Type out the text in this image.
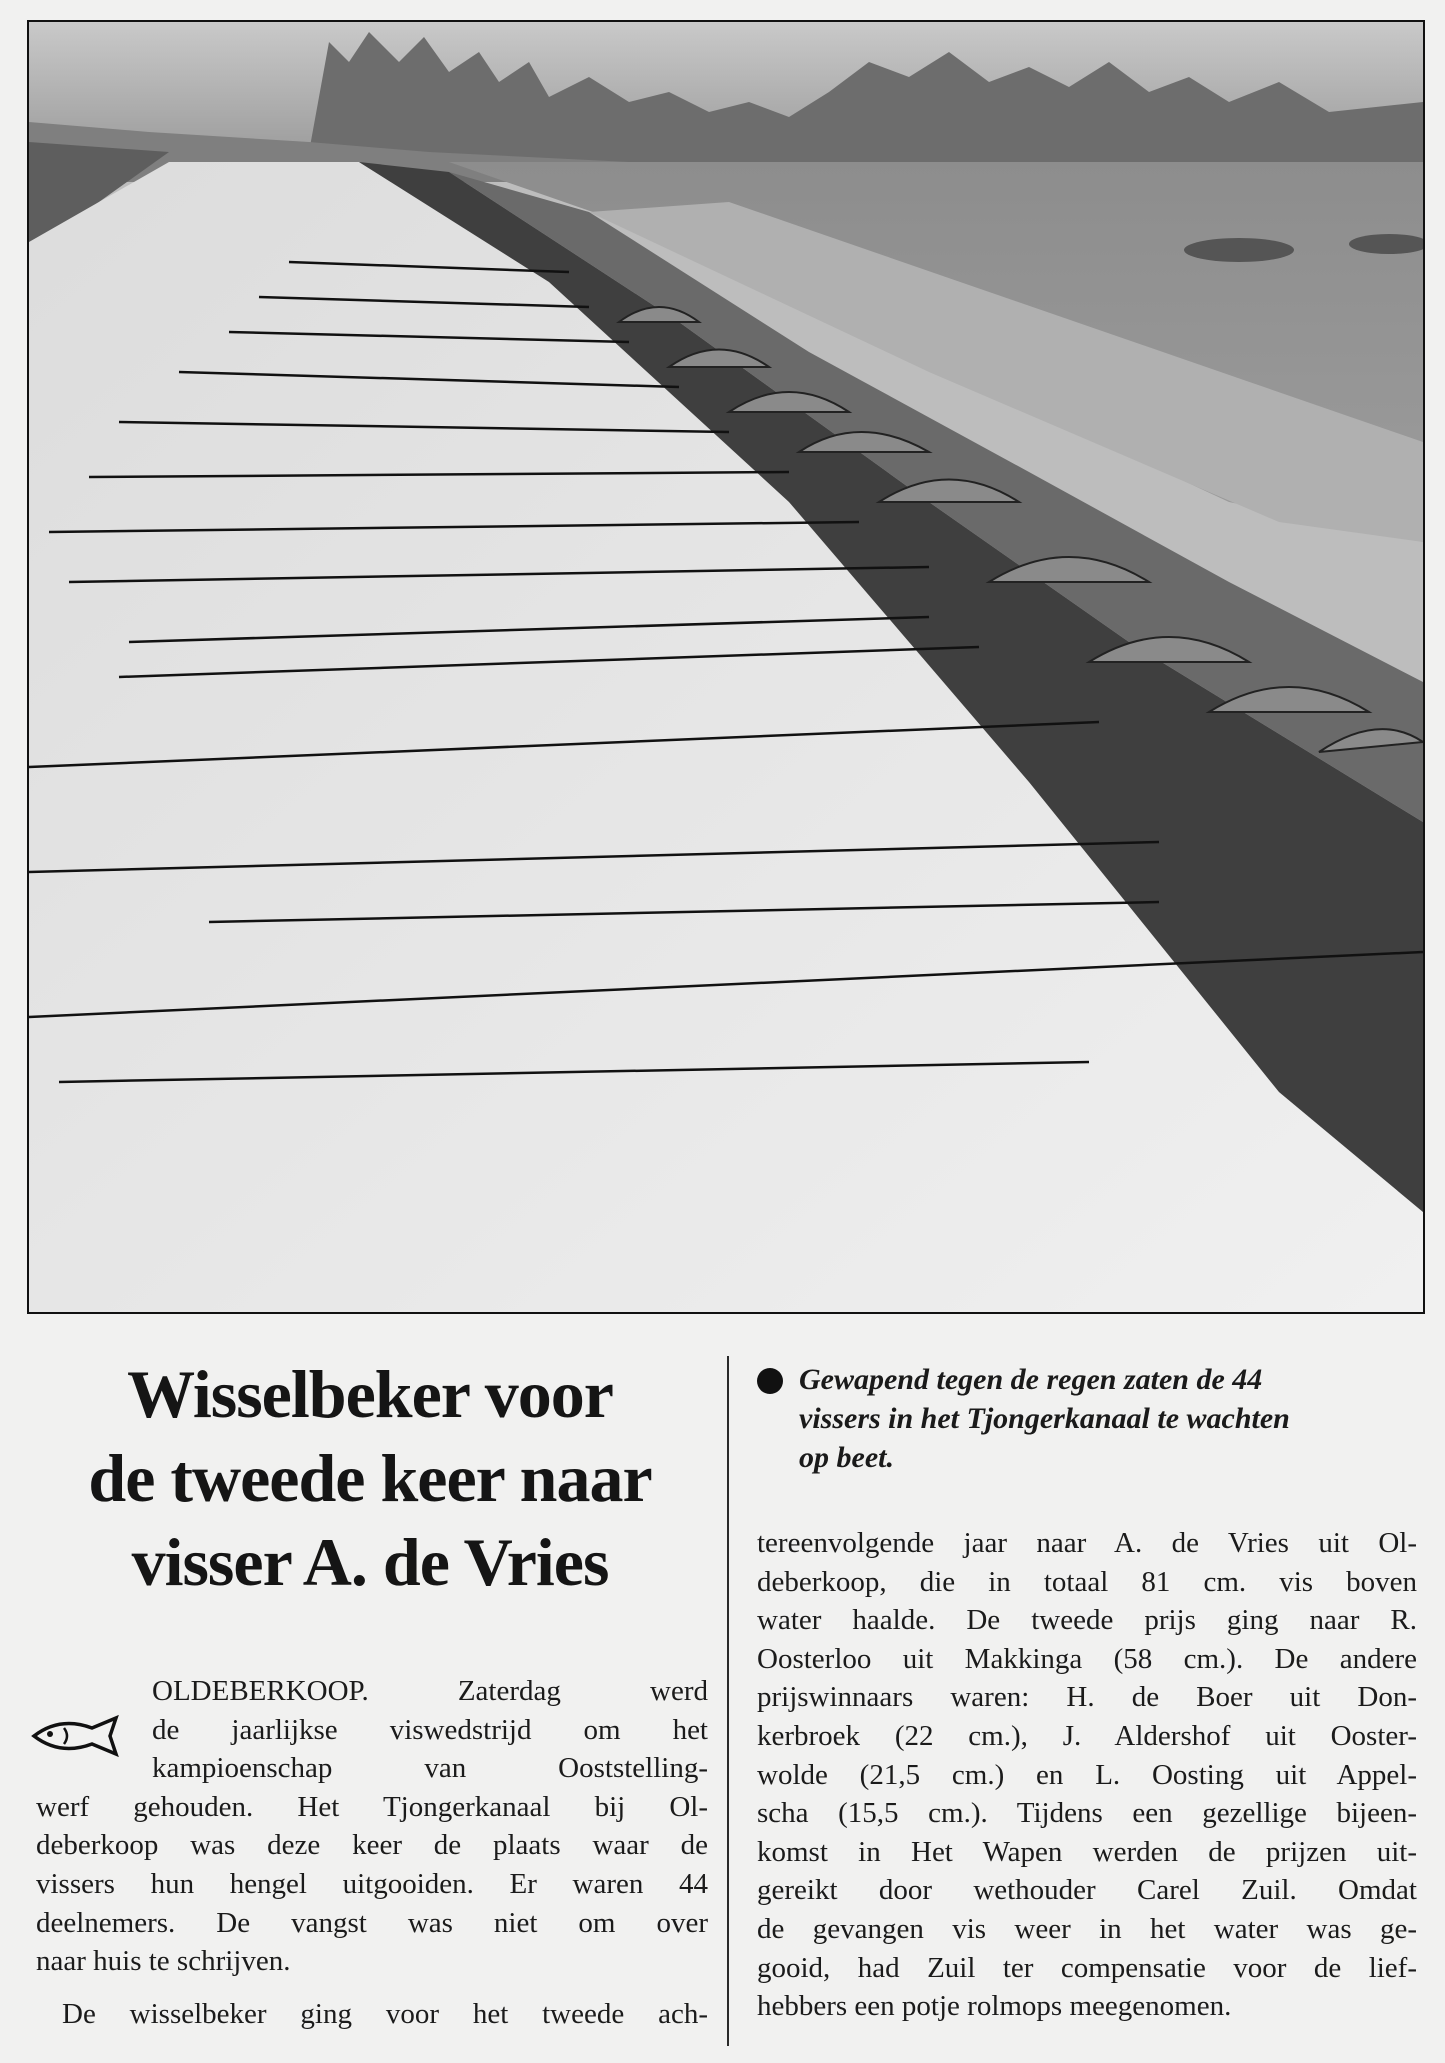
Wisselbeker voor
de tweede keer naar
visser A. de Vries
Gewapend tegen de regen zaten de 44
vissers in het Tjongerkanaal te wachten
op beet.
OLDEBERKOOP. Zaterdag werd
de jaarlijkse viswedstrijd om het
kampioenschap van Ooststelling-
werf gehouden. Het Tjongerkanaal bij Ol-
deberkoop was deze keer de plaats waar de
vissers hun hengel uitgooiden. Er waren 44
deelnemers. De vangst was niet om over
naar huis te schrijven.
De wisselbeker ging voor het tweede ach-
tereenvolgende jaar naar A. de Vries uit Ol-
deberkoop, die in totaal 81 cm. vis boven
water haalde. De tweede prijs ging naar R.
Oosterloo uit Makkinga (58 cm.). De andere
prijswinnaars waren: H. de Boer uit Don-
kerbroek (22 cm.), J. Aldershof uit Ooster-
wolde (21,5 cm.) en L. Oosting uit Appel-
scha (15,5 cm.). Tijdens een gezellige bijeen-
komst in Het Wapen werden de prijzen uit-
gereikt door wethouder Carel Zuil. Omdat
de gevangen vis weer in het water was ge-
gooid, had Zuil ter compensatie voor de lief-
hebbers een potje rolmops meegenomen.
